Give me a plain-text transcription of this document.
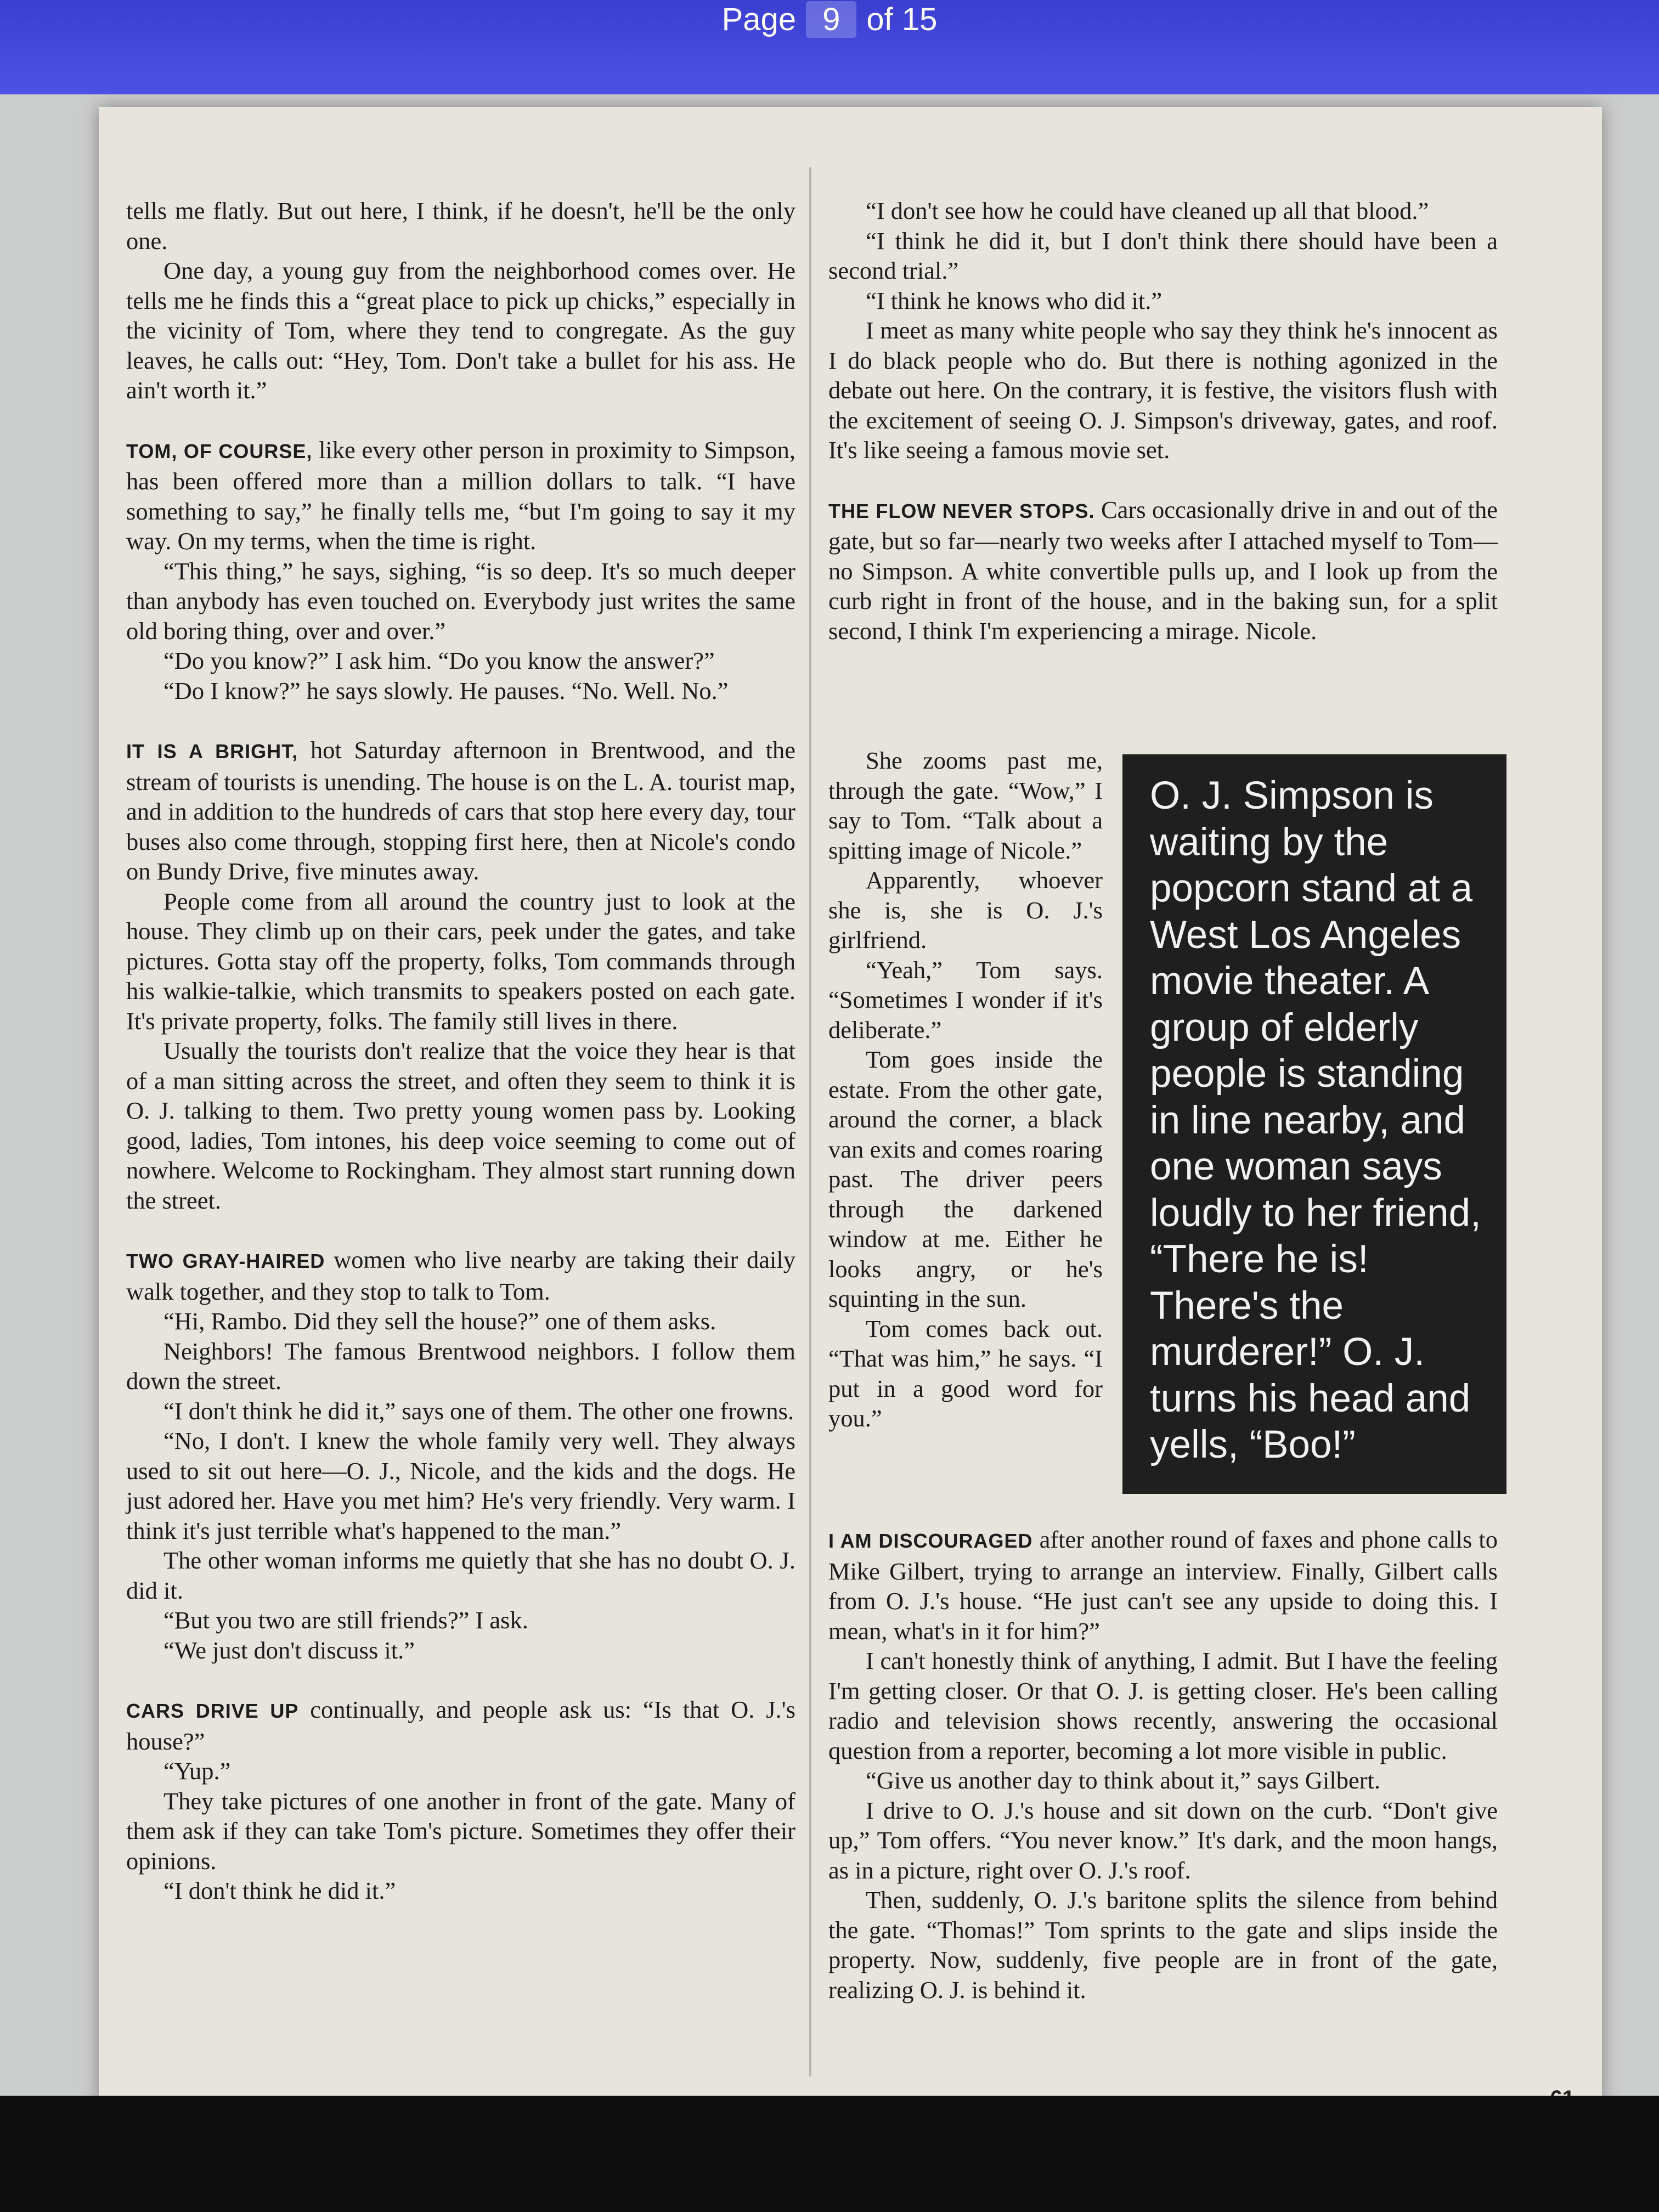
Page 9 of 15

tells me flatly. But out here, I think, if he doesn't, he'll be the only one.

One day, a young guy from the neighborhood comes over. He tells me he finds this a “great place to pick up chicks,” especially in the vicinity of Tom, where they tend to congregate. As the guy leaves, he calls out: “Hey, Tom. Don't take a bullet for his ass. He ain't worth it.”

TOM, OF COURSE, like every other person in proximity to Simpson, has been offered more than a million dollars to talk. “I have something to say,” he finally tells me, “but I'm going to say it my way. On my terms, when the time is right.

“This thing,” he says, sighing, “is so deep. It's so much deeper than anybody has even touched on. Everybody just writes the same old boring thing, over and over.”

“Do you know?” I ask him. “Do you know the answer?”

“Do I know?” he says slowly. He pauses. “No. Well. No.”

IT IS A BRIGHT, hot Saturday afternoon in Brentwood, and the stream of tourists is unending. The house is on the L. A. tourist map, and in addition to the hundreds of cars that stop here every day, tour buses also come through, stopping first here, then at Nicole's condo on Bundy Drive, five minutes away.

People come from all around the country just to look at the house. They climb up on their cars, peek under the gates, and take pictures. Gotta stay off the property, folks, Tom commands through his walkie-talkie, which transmits to speakers posted on each gate. It's private property, folks. The family still lives in there.

Usually the tourists don't realize that the voice they hear is that of a man sitting across the street, and often they seem to think it is O. J. talking to them. Two pretty young women pass by. Looking good, ladies, Tom intones, his deep voice seeming to come out of nowhere. Welcome to Rockingham. They almost start running down the street.

TWO GRAY-HAIRED women who live nearby are taking their daily walk together, and they stop to talk to Tom.

“Hi, Rambo. Did they sell the house?” one of them asks.

Neighbors! The famous Brentwood neighbors. I follow them down the street.

“I don't think he did it,” says one of them. The other one frowns.

“No, I don't. I knew the whole family very well. They always used to sit out here—O. J., Nicole, and the kids and the dogs. He just adored her. Have you met him? He's very friendly. Very warm. I think it's just terrible what's happened to the man.”

The other woman informs me quietly that she has no doubt O. J. did it.

“But you two are still friends?” I ask.

“We just don't discuss it.”

CARS DRIVE UP continually, and people ask us: “Is that O. J.'s house?”

“Yup.”

They take pictures of one another in front of the gate. Many of them ask if they can take Tom's picture. Sometimes they offer their opinions.

“I don't think he did it.”

“I don't see how he could have cleaned up all that blood.”

“I think he did it, but I don't think there should have been a second trial.”

“I think he knows who did it.”

I meet as many white people who say they think he's innocent as I do black people who do. But there is nothing agonized in the debate out here. On the contrary, it is festive, the visitors flush with the excitement of seeing O. J. Simpson's driveway, gates, and roof. It's like seeing a famous movie set.

THE FLOW NEVER STOPS. Cars occasionally drive in and out of the gate, but so far—nearly two weeks after I attached myself to Tom—no Simpson. A white convertible pulls up, and I look up from the curb right in front of the house, and in the baking sun, for a split second, I think I'm experiencing a mirage. Nicole.

She zooms past me, through the gate. “Wow,” I say to Tom. “Talk about a spitting image of Nicole.”

Apparently, whoever she is, she is O. J.'s girlfriend.

“Yeah,” Tom says. “Sometimes I wonder if it's deliberate.”

Tom goes inside the estate. From the other gate, around the corner, a black van exits and comes roaring past. The driver peers through the darkened window at me. Either he looks angry, or he's squinting in the sun.

Tom comes back out. “That was him,” he says. “I put in a good word for you.”

O. J. Simpson is waiting by the popcorn stand at a West Los Angeles movie theater. A group of elderly people is standing in line nearby, and one woman says loudly to her friend, “There he is! There's the murderer!” O. J. turns his head and yells, “Boo!”

I AM DISCOURAGED after another round of faxes and phone calls to Mike Gilbert, trying to arrange an interview. Finally, Gilbert calls from O. J.'s house. “He just can't see any upside to doing this. I mean, what's in it for him?”

I can't honestly think of anything, I admit. But I have the feeling I'm getting closer. Or that O. J. is getting closer. He's been calling radio and television shows recently, answering the occasional question from a reporter, becoming a lot more visible in public.

“Give us another day to think about it,” says Gilbert.

I drive to O. J.'s house and sit down on the curb. “Don't give up,” Tom offers. “You never know.” It's dark, and the moon hangs, as in a picture, right over O. J.'s roof.

Then, suddenly, O. J.'s baritone splits the silence from behind the gate. “Thomas!” Tom sprints to the gate and slips inside the property. Now, suddenly, five people are in front of the gate, realizing O. J. is behind it.
